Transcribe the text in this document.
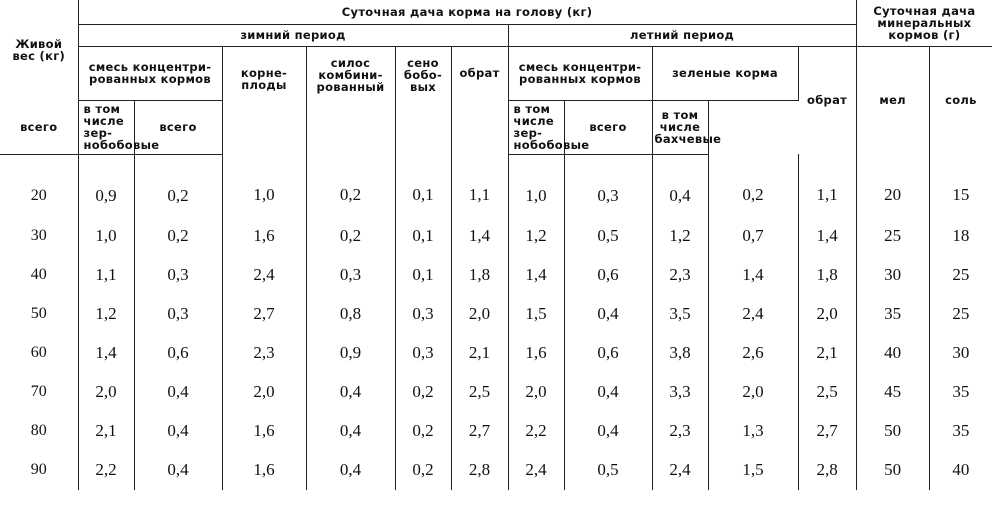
Живой вес (кг)	Суточная дача корма на голову (кг)											Суточная дача минеральных кормов (г)	
	зимний период						летний период						
	смесь концентри-рованных кормов		корне-плоды	силос комбини-рованный	сено бобо-вых	обрат	смесь концентри-рованных кормов		зеленые корма		обрат	мел	соль
всего	в том числе зер-нобобовые	всего					в том числе зер-нобобовые	всего	в том числе бахчевые				
20	0,9	0,2	1,0	0,2	0,1	1,1	1,0	0,3	0,4	0,2	1,1	20	15
30	1,0	0,2	1,6	0,2	0,1	1,4	1,2	0,5	1,2	0,7	1,4	25	18
40	1,1	0,3	2,4	0,3	0,1	1,8	1,4	0,6	2,3	1,4	1,8	30	25
50	1,2	0,3	2,7	0,8	0,3	2,0	1,5	0,4	3,5	2,4	2,0	35	25
60	1,4	0,6	2,3	0,9	0,3	2,1	1,6	0,6	3,8	2,6	2,1	40	30
70	2,0	0,4	2,0	0,4	0,2	2,5	2,0	0,4	3,3	2,0	2,5	45	35
80	2,1	0,4	1,6	0,4	0,2	2,7	2,2	0,4	2,3	1,3	2,7	50	35
90	2,2	0,4	1,6	0,4	0,2	2,8	2,4	0,5	2,4	1,5	2,8	50	40
